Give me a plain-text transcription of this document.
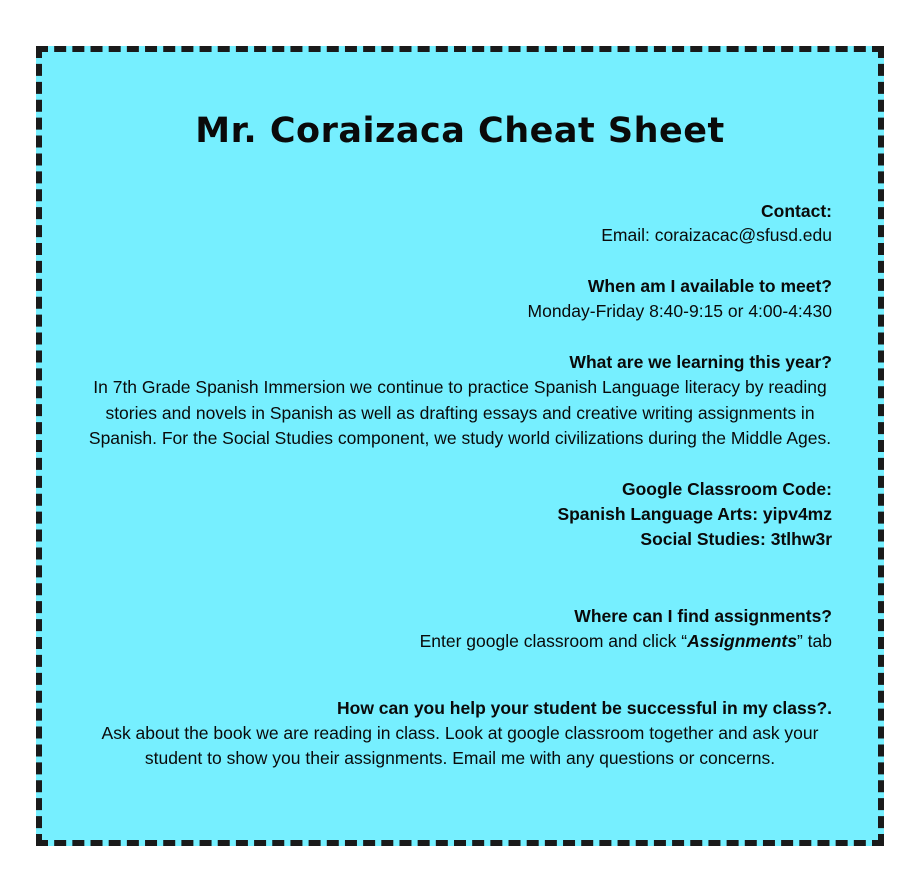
Mr. Coraizaca Cheat Sheet
Contact:
Email: coraizacac@sfusd.edu
When am I available to meet?
Monday-Friday 8:40-9:15 or 4:00-4:430
What are we learning this year?
In 7th Grade Spanish Immersion we continue to practice Spanish Language literacy by reading
stories and novels in Spanish as well as drafting essays and creative writing assignments in
Spanish. For the Social Studies component, we study world civilizations during the Middle Ages.
Google Classroom Code:
Spanish Language Arts: yipv4mz
Social Studies: 3tlhw3r
Where can I find assignments?
Enter google classroom and click “Assignments” tab
How can you help your student be successful in my class?.
Ask about the book we are reading in class. Look at google classroom together and ask your
student to show you their assignments. Email me with any questions or concerns.
